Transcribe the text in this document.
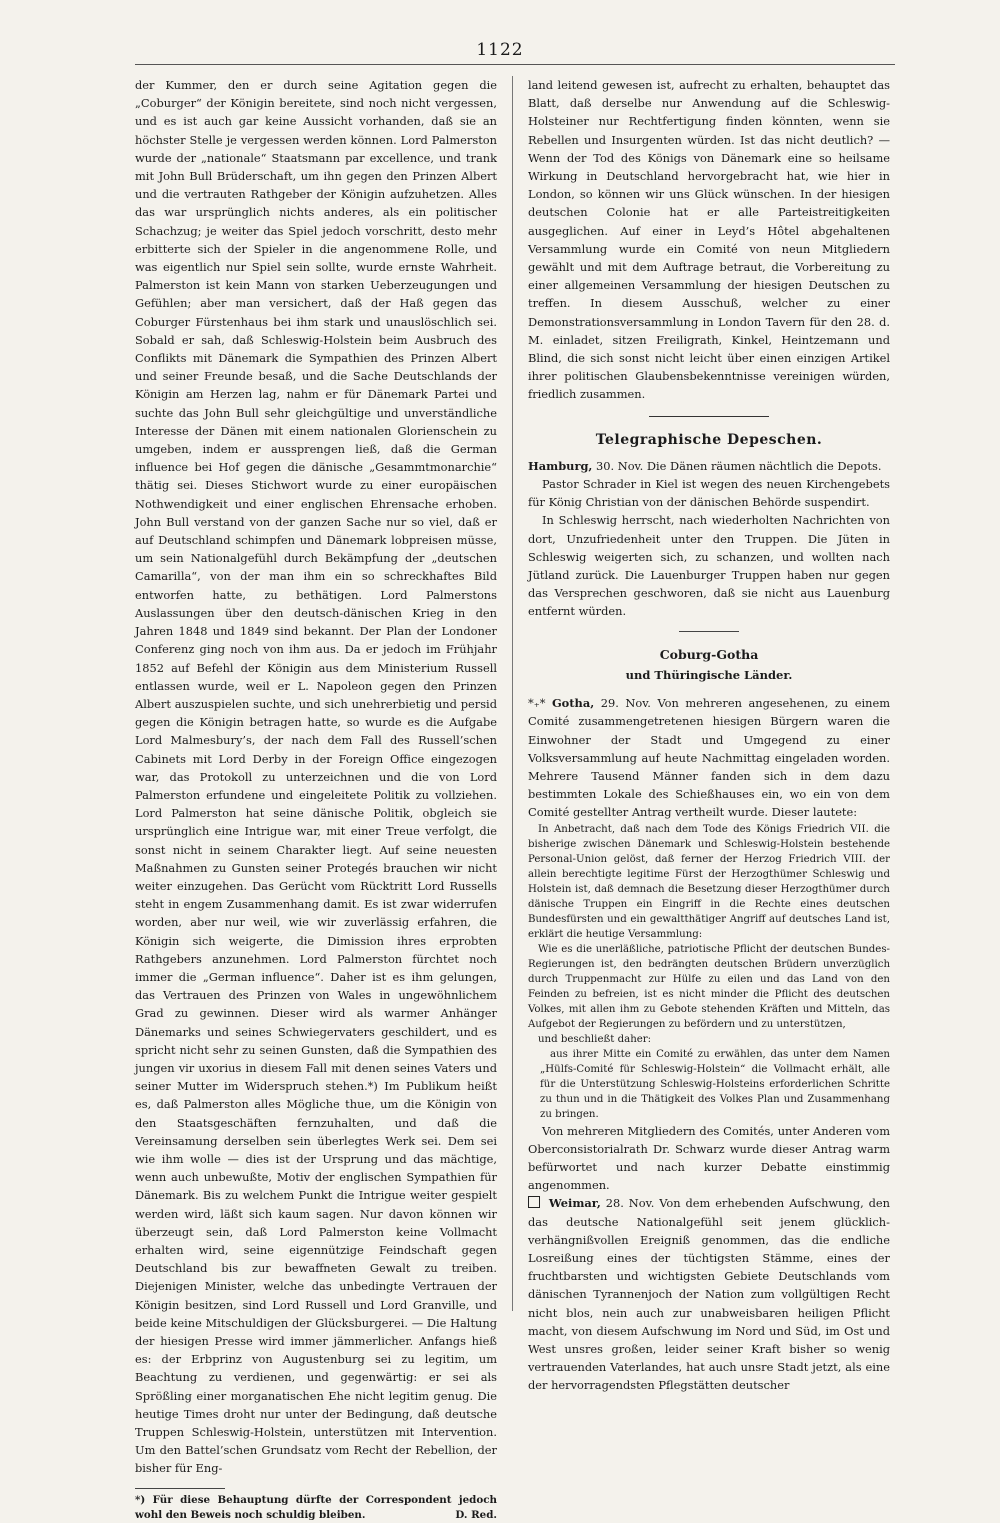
1122

der Kummer, den er durch seine Agitation gegen die „Coburger“ der Königin bereitete, sind noch nicht vergessen, und es ist auch gar keine Aussicht vorhanden, daß sie an höchster Stelle je vergessen werden können. Lord Palmerston wurde der „nationale“ Staatsmann par excellence, und trank mit John Bull Brüderschaft, um ihn gegen den Prinzen Albert und die vertrauten Rathgeber der Königin aufzuhetzen. Alles das war ursprünglich nichts anderes, als ein politischer Schachzug; je weiter das Spiel jedoch vorschritt, desto mehr erbitterte sich der Spieler in die angenommene Rolle, und was eigentlich nur Spiel sein sollte, wurde ernste Wahrheit. Palmerston ist kein Mann von starken Ueberzeugungen und Gefühlen; aber man versichert, daß der Haß gegen das Coburger Fürstenhaus bei ihm stark und unauslöschlich sei. Sobald er sah, daß Schleswig-Holstein beim Ausbruch des Conflikts mit Dänemark die Sympathien des Prinzen Albert und seiner Freunde besaß, und die Sache Deutschlands der Königin am Herzen lag, nahm er für Dänemark Partei und suchte das John Bull sehr gleichgültige und unverständliche Interesse der Dänen mit einem nationalen Glorienschein zu umgeben, indem er aussprengen ließ, daß die German influence bei Hof gegen die dänische „Gesammtmonarchie“ thätig sei. Dieses Stichwort wurde zu einer europäischen Nothwendigkeit und einer englischen Ehrensache erhoben. John Bull verstand von der ganzen Sache nur so viel, daß er auf Deutschland schimpfen und Dänemark lobpreisen müsse, um sein Nationalgefühl durch Bekämpfung der „deutschen Camarilla“, von der man ihm ein so schreckhaftes Bild entworfen hatte, zu bethätigen. Lord Palmerstons Auslassungen über den deutsch-dänischen Krieg in den Jahren 1848 und 1849 sind bekannt. Der Plan der Londoner Conferenz ging noch von ihm aus. Da er jedoch im Frühjahr 1852 auf Befehl der Königin aus dem Ministerium Russell entlassen wurde, weil er L. Napoleon gegen den Prinzen Albert auszuspielen suchte, und sich unehrerbietig und persid gegen die Königin betragen hatte, so wurde es die Aufgabe Lord Malmesbury’s, der nach dem Fall des Russell’schen Cabinets mit Lord Derby in der Foreign Office eingezogen war, das Protokoll zu unterzeichnen und die von Lord Palmerston erfundene und eingeleitete Politik zu vollziehen. Lord Palmerston hat seine dänische Politik, obgleich sie ursprünglich eine Intrigue war, mit einer Treue verfolgt, die sonst nicht in seinem Charakter liegt. Auf seine neuesten Maßnahmen zu Gunsten seiner Protegés brauchen wir nicht weiter einzugehen. Das Gerücht vom Rücktritt Lord Russells steht in engem Zusammenhang damit. Es ist zwar widerrufen worden, aber nur weil, wie wir zuverlässig erfahren, die Königin sich weigerte, die Dimission ihres erprobten Rathgebers anzunehmen. Lord Palmerston fürchtet noch immer die „German influence“. Daher ist es ihm gelungen, das Vertrauen des Prinzen von Wales in ungewöhnlichem Grad zu gewinnen. Dieser wird als warmer Anhänger Dänemarks und seines Schwiegervaters geschildert, und es spricht nicht sehr zu seinen Gunsten, daß die Sympathien des jungen vir uxorius in diesem Fall mit denen seines Vaters und seiner Mutter im Widerspruch stehen.*) Im Publikum heißt es, daß Palmerston alles Mögliche thue, um die Königin von den Staatsgeschäften fernzuhalten, und daß die Vereinsamung derselben sein überlegtes Werk sei. Dem sei wie ihm wolle — dies ist der Ursprung und das mächtige, wenn auch unbewußte, Motiv der englischen Sympathien für Dänemark. Bis zu welchem Punkt die Intrigue weiter gespielt werden wird, läßt sich kaum sagen. Nur davon können wir überzeugt sein, daß Lord Palmerston keine Vollmacht erhalten wird, seine eigennützige Feindschaft gegen Deutschland bis zur bewaffneten Gewalt zu treiben. Diejenigen Minister, welche das unbedingte Vertrauen der Königin besitzen, sind Lord Russell und Lord Granville, und beide keine Mitschuldigen der Glücksburgerei. — Die Haltung der hiesigen Presse wird immer jämmerlicher. Anfangs hieß es: der Erbprinz von Augustenburg sei zu legitim, um Beachtung zu verdienen, und gegenwärtig: er sei als Sprößling einer morganatischen Ehe nicht legitim genug. Die heutige Times droht nur unter der Bedingung, daß deutsche Truppen Schleswig-Holstein, unterstützen mit Intervention. Um den Battel’schen Grundsatz vom Recht der Rebellion, der bisher für Eng-

*) Für diese Behauptung dürfte der Correspondent jedoch wohl den Beweis noch schuldig bleiben.	D. Red.

land leitend gewesen ist, aufrecht zu erhalten, behauptet das Blatt, daß derselbe nur Anwendung auf die Schleswig-Holsteiner nur Rechtfertigung finden könnten, wenn sie Rebellen und Insurgenten würden. Ist das nicht deutlich? — Wenn der Tod des Königs von Dänemark eine so heilsame Wirkung in Deutschland hervorgebracht hat, wie hier in London, so können wir uns Glück wünschen. In der hiesigen deutschen Colonie hat er alle Parteistreitigkeiten ausgeglichen. Auf einer in Leyd’s Hôtel abgehaltenen Versammlung wurde ein Comité von neun Mitgliedern gewählt und mit dem Auftrage betraut, die Vorbereitung zu einer allgemeinen Versammlung der hiesigen Deutschen zu treffen. In diesem Ausschuß, welcher zu einer Demonstrationsversammlung in London Tavern für den 28. d. M. einladet, sitzen Freiligrath, Kinkel, Heintzemann und Blind, die sich sonst nicht leicht über einen einzigen Artikel ihrer politischen Glaubensbekenntnisse vereinigen würden, friedlich zusammen.

Telegraphische Depeschen.

Hamburg, 30. Nov. Die Dänen räumen nächtlich die Depots.

Pastor Schrader in Kiel ist wegen des neuen Kirchengebets für König Christian von der dänischen Behörde suspendirt.

In Schleswig herrscht, nach wiederholten Nachrichten von dort, Unzufriedenheit unter den Truppen. Die Jüten in Schleswig weigerten sich, zu schanzen, und wollten nach Jütland zurück. Die Lauenburger Truppen haben nur gegen das Versprechen geschworen, daß sie nicht aus Lauenburg entfernt würden.

Coburg-Gotha
und Thüringische Länder.

*₊* Gotha, 29. Nov. Von mehreren angesehenen, zu einem Comité zusammengetretenen hiesigen Bürgern waren die Einwohner der Stadt und Umgegend zu einer Volksversammlung auf heute Nachmittag eingeladen worden. Mehrere Tausend Männer fanden sich in dem dazu bestimmten Lokale des Schießhauses ein, wo ein von dem Comité gestellter Antrag vertheilt wurde. Dieser lautete:

In Anbetracht, daß nach dem Tode des Königs Friedrich VII. die bisherige zwischen Dänemark und Schleswig-Holstein bestehende Personal-Union gelöst, daß ferner der Herzog Friedrich VIII. der allein berechtigte legitime Fürst der Herzogthümer Schleswig und Holstein ist, daß demnach die Besetzung dieser Herzogthümer durch dänische Truppen ein Eingriff in die Rechte eines deutschen Bundesfürsten und ein gewaltthätiger Angriff auf deutsches Land ist, erklärt die heutige Versammlung:

Wie es die unerläßliche, patriotische Pflicht der deutschen Bundes-Regierungen ist, den bedrängten deutschen Brüdern unverzüglich durch Truppenmacht zur Hülfe zu eilen und das Land von den Feinden zu befreien, ist es nicht minder die Pflicht des deutschen Volkes, mit allen ihm zu Gebote stehenden Kräften und Mitteln, das Aufgebot der Regierungen zu befördern und zu unterstützen,

und beschließt daher:

aus ihrer Mitte ein Comité zu erwählen, das unter dem Namen „Hülfs-Comité für Schleswig-Holstein“ die Vollmacht erhält, alle für die Unterstützung Schleswig-Holsteins erforderlichen Schritte zu thun und in die Thätigkeit des Volkes Plan und Zusammenhang zu bringen.

Von mehreren Mitgliedern des Comités, unter Anderen vom Oberconsistorialrath Dr. Schwarz wurde dieser Antrag warm befürwortet und nach kurzer Debatte einstimmig angenommen.

Weimar, 28. Nov. Von dem erhebenden Aufschwung, den das deutsche Nationalgefühl seit jenem glücklich-verhängnißvollen Ereigniß genommen, das die endliche Losreißung eines der tüchtigsten Stämme, eines der fruchtbarsten und wichtigsten Gebiete Deutschlands vom dänischen Tyrannenjoch der Nation zum vollgültigen Recht nicht blos, nein auch zur unabweisbaren heiligen Pflicht macht, von diesem Aufschwung im Nord und Süd, im Ost und West unsres großen, leider seiner Kraft bisher so wenig vertrauenden Vaterlandes, hat auch unsre Stadt jetzt, als eine der hervorragendsten Pflegstätten deutscher
